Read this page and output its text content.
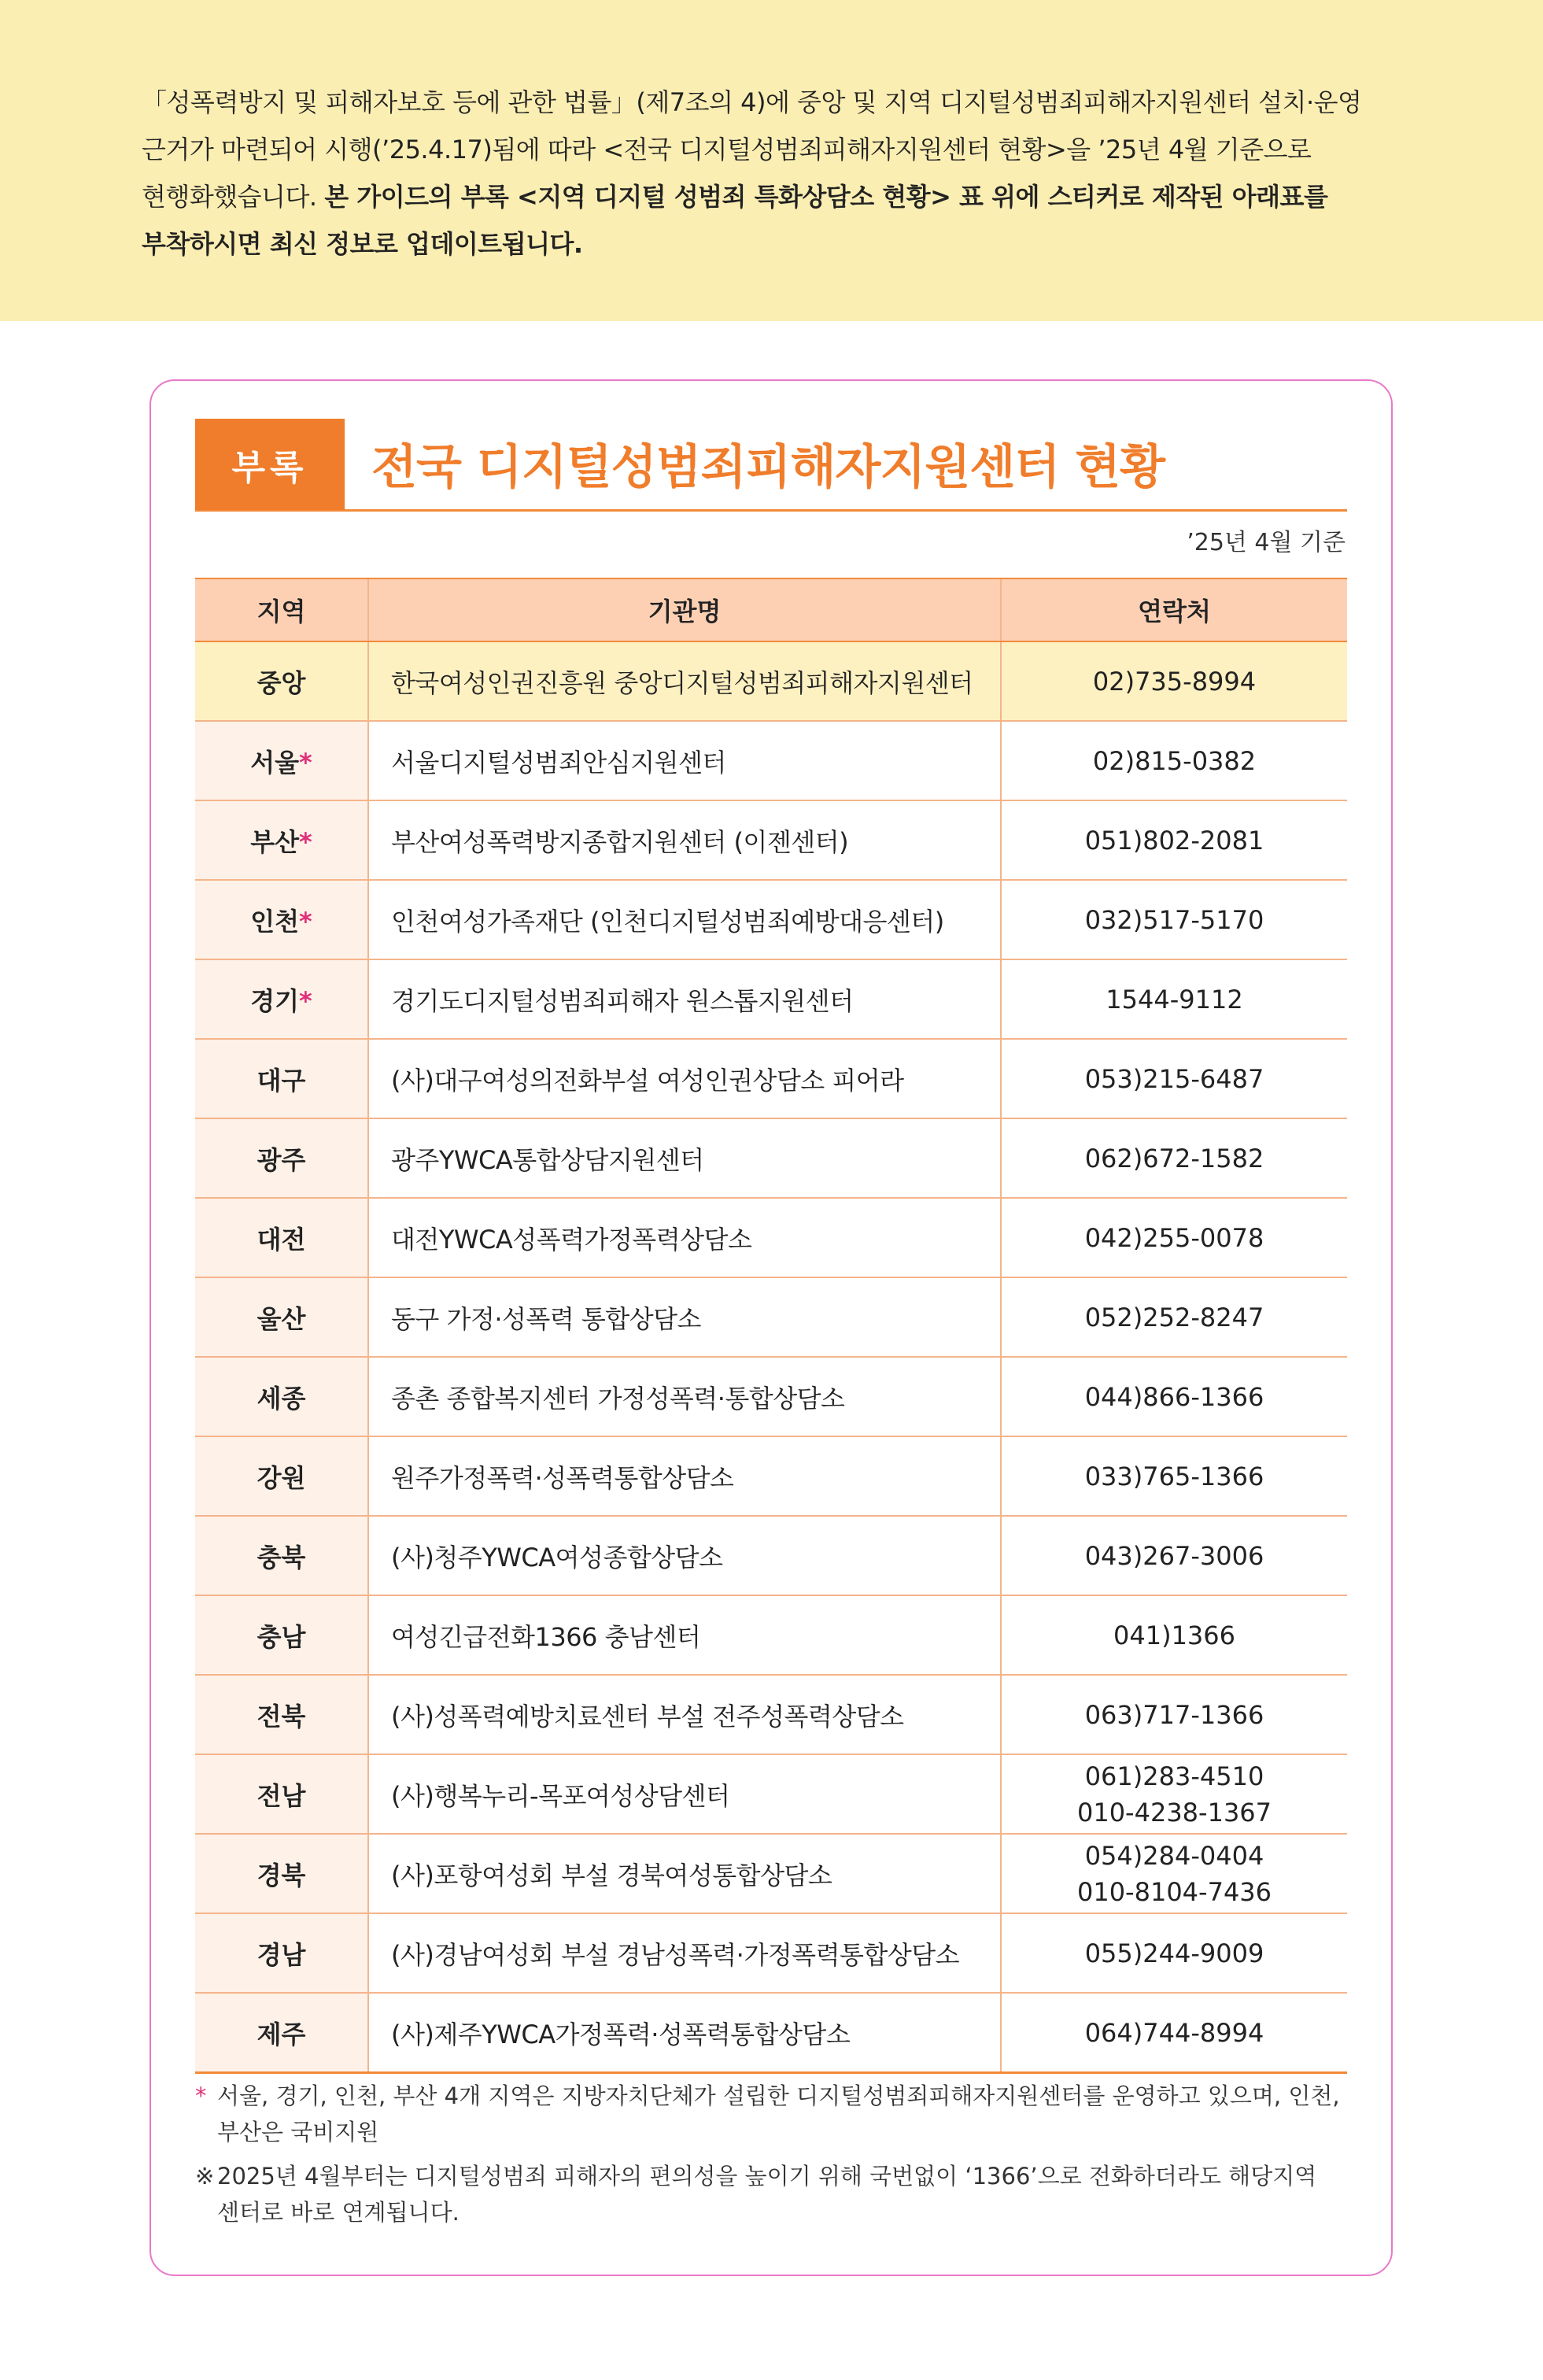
「성폭력방지 및 피해자보호 등에 관한 법률」(제7조의 4)에 중앙 및 지역 디지털성범죄피해자지원센터 설치·운영 근거가 마련되어 시행(’25.4.17)됨에 따라 <전국 디지털성범죄피해자지원센터 현황>을 ’25년 4월 기준으로 현행화했습니다. 본 가이드의 부록 <지역 디지털 성범죄 특화상담소 현황> 표 위에 스티커로 제작된 아래표를 부착하시면 최신 정보로 업데이트됩니다.
부록	전국 디지털성범죄피해자지원센터 현황
’25년 4월 기준
지역	기관명	연락처
중앙	한국여성인권진흥원 중앙디지털성범죄피해자지원센터	02)735-8994

서울*	서울디지털성범죄안심지원센터	02)815-0382

부산*	부산여성폭력방지종합지원센터 (이젠센터)	051)802-2081

인천*	인천여성가족재단 (인천디지털성범죄예방대응센터)	032)517-5170

경기*	경기도디지털성범죄피해자 원스톱지원센터	1544-9112

대구	(사)대구여성의전화부설 여성인권상담소 피어라	053)215-6487

광주	광주YWCA통합상담지원센터	062)672-1582

대전	대전YWCA성폭력가정폭력상담소	042)255-0078

울산	동구 가정·성폭력 통합상담소	052)252-8247

세종	종촌 종합복지센터 가정성폭력·통합상담소	044)866-1366

강원	원주가정폭력·성폭력통합상담소	033)765-1366

충북	(사)청주YWCA여성종합상담소	043)267-3006

충남	여성긴급전화1366 충남센터	041)1366

전북	(사)성폭력예방치료센터 부설 전주성폭력상담소	063)717-1366

전남	(사)행복누리-목포여성상담센터	061)283-4510
010-4238-1367

경북	(사)포항여성회 부설 경북여성통합상담소	054)284-0404
010-8104-7436

경남	(사)경남여성회 부설 경남성폭력·가정폭력통합상담소	055)244-9009

제주	(사)제주YWCA가정폭력·성폭력통합상담소	064)744-8994
* 서울, 경기, 인천, 부산 4개 지역은 지방자치단체가 설립한 디지털성범죄피해자지원센터를 운영하고 있으며, 인천, 부산은 국비지원
※ 2025년 4월부터는 디지털성범죄 피해자의 편의성을 높이기 위해 국번없이 ‘1366’으로 전화하더라도 해당지역 센터로 바로 연계됩니다.
